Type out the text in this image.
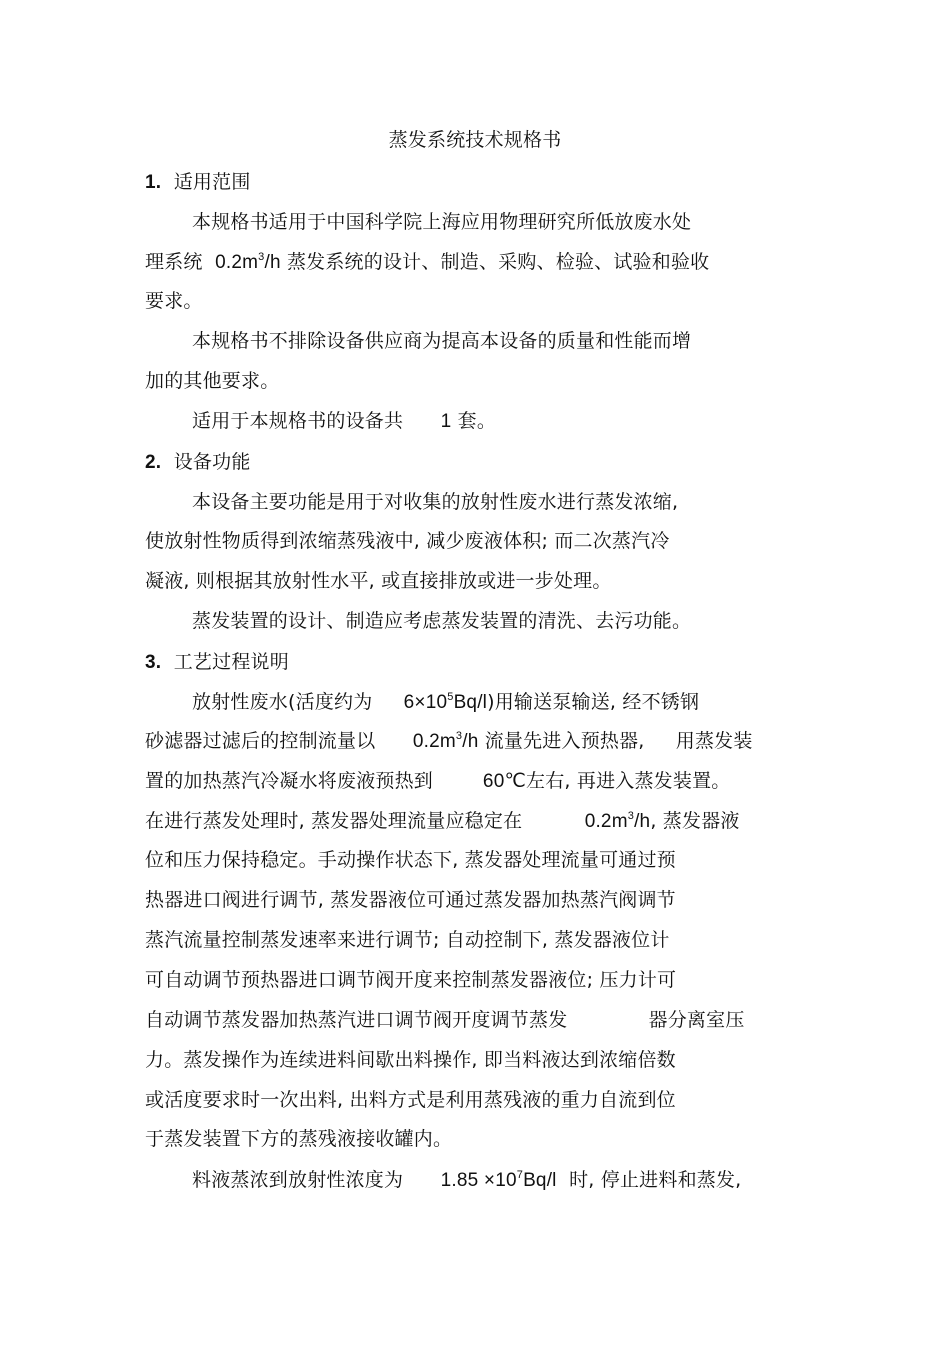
蒸发系统技术规格书
1. 适用范围
本规格书适用于中国科学院上海应用物理研究所低放废水处
理系统  $0.2m^3/h$ 蒸发系统的设计、制造、采购、检验、试验和验收
要求。
本规格书不排除设备供应商为提高本设备的质量和性能而增
加的其他要求。
适用于本规格书的设备共      1 套。
2. 设备功能
本设备主要功能是用于对收集的放射性废水进行蒸发浓缩,
使放射性物质得到浓缩蒸残液中, 减少废液体积; 而二次蒸汽冷
凝液, 则根据其放射性水平, 或直接排放或进一步处理。
蒸发装置的设计、制造应考虑蒸发装置的清洗、去污功能。
3. 工艺过程说明
放射性废水(活度约为     $6\times 10^5Bq/l$)用输送泵输送, 经不锈钢
砂滤器过滤后的控制流量以      $0.2m^3/h$ 流量先进入预热器,     用蒸发装
置的加热蒸汽冷凝水将废液预热到        60℃左右, 再进入蒸发装置。
在进行蒸发处理时, 蒸发器处理流量应稳定在          $0.2m^3/h$, 蒸发器液
位和压力保持稳定。手动操作状态下, 蒸发器处理流量可通过预
热器进口阀进行调节, 蒸发器液位可通过蒸发器加热蒸汽阀调节
蒸汽流量控制蒸发速率来进行调节; 自动控制下, 蒸发器液位计
可自动调节预热器进口调节阀开度来控制蒸发器液位; 压力计可
自动调节蒸发器加热蒸汽进口调节阀开度调节蒸发             器分离室压
力。蒸发操作为连续进料间歇出料操作, 即当料液达到浓缩倍数
或活度要求时一次出料, 出料方式是利用蒸残液的重力自流到位
于蒸发装置下方的蒸残液接收罐内。
料液蒸浓到放射性浓度为      $1.85 \times 10^7Bq/l$  时, 停止进料和蒸发,
